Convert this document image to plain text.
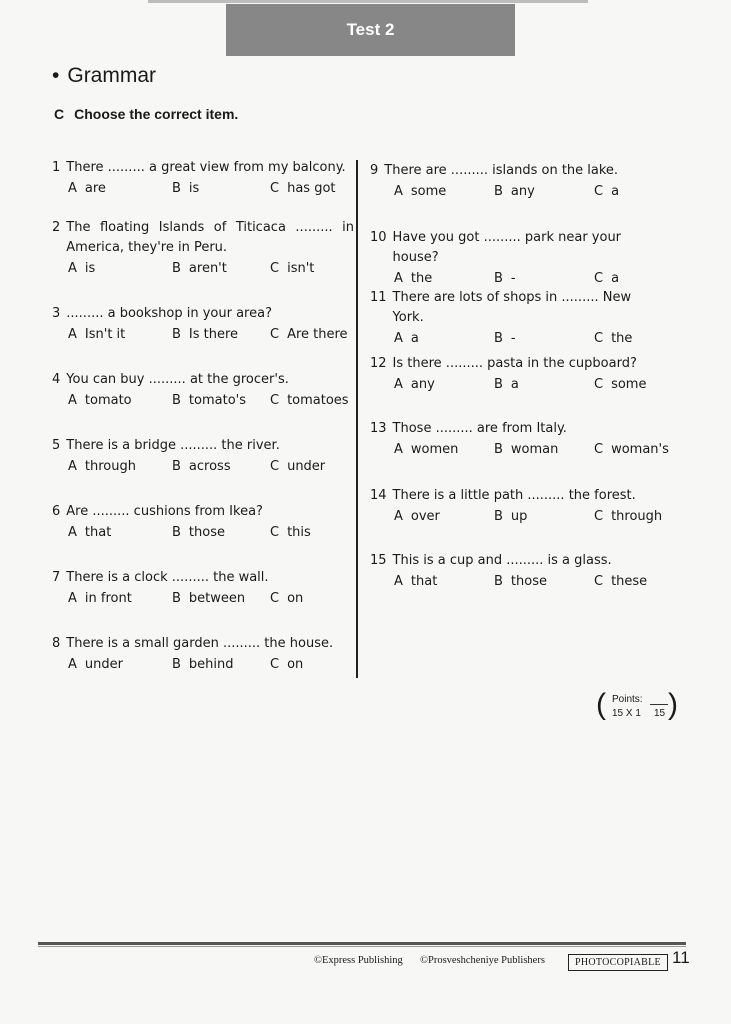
Test 2
• Grammar
C Choose the correct item.
1 There ......... a great view from my balcony.
A are	B is	C has got
2 The floating Islands of Titicaca ......... in America, they're in Peru.
A is	B aren't	C isn't
3 ......... a bookshop in your area?
A Isn't it	B Is there C Are there
4 You can buy ......... at the grocer's.
A tomato	B tomato's C tomatoes
5 There is a bridge ......... the river.
A through	B across	C under
6 Are ......... cushions from Ikea?
A that	B those	C this
7 There is a clock ......... the wall.
A in front	B between C on
8 There is a small garden ......... the house.
A under	B behind	C on
9 There are ......... islands on the lake.
A some	B any	C a
10 Have you got ......... park near your house?
A the	B -	C a
11 There are lots of shops in ......... New York.
A a	B -	C the
12 Is there ......... pasta in the cupboard?
A any	B a	C some
13 Those ......... are from Italy.
A women	B woman	C woman's
14 There is a little path ......... the forest.
A over	B up	C through
15 This is a cup and ......... is a glass.
A that	B those	C these
( Points:
15 X 1 15 )
©Express Publishing ©Prosveshcheniye Publishers	PHOTOCOPIABLE 11
